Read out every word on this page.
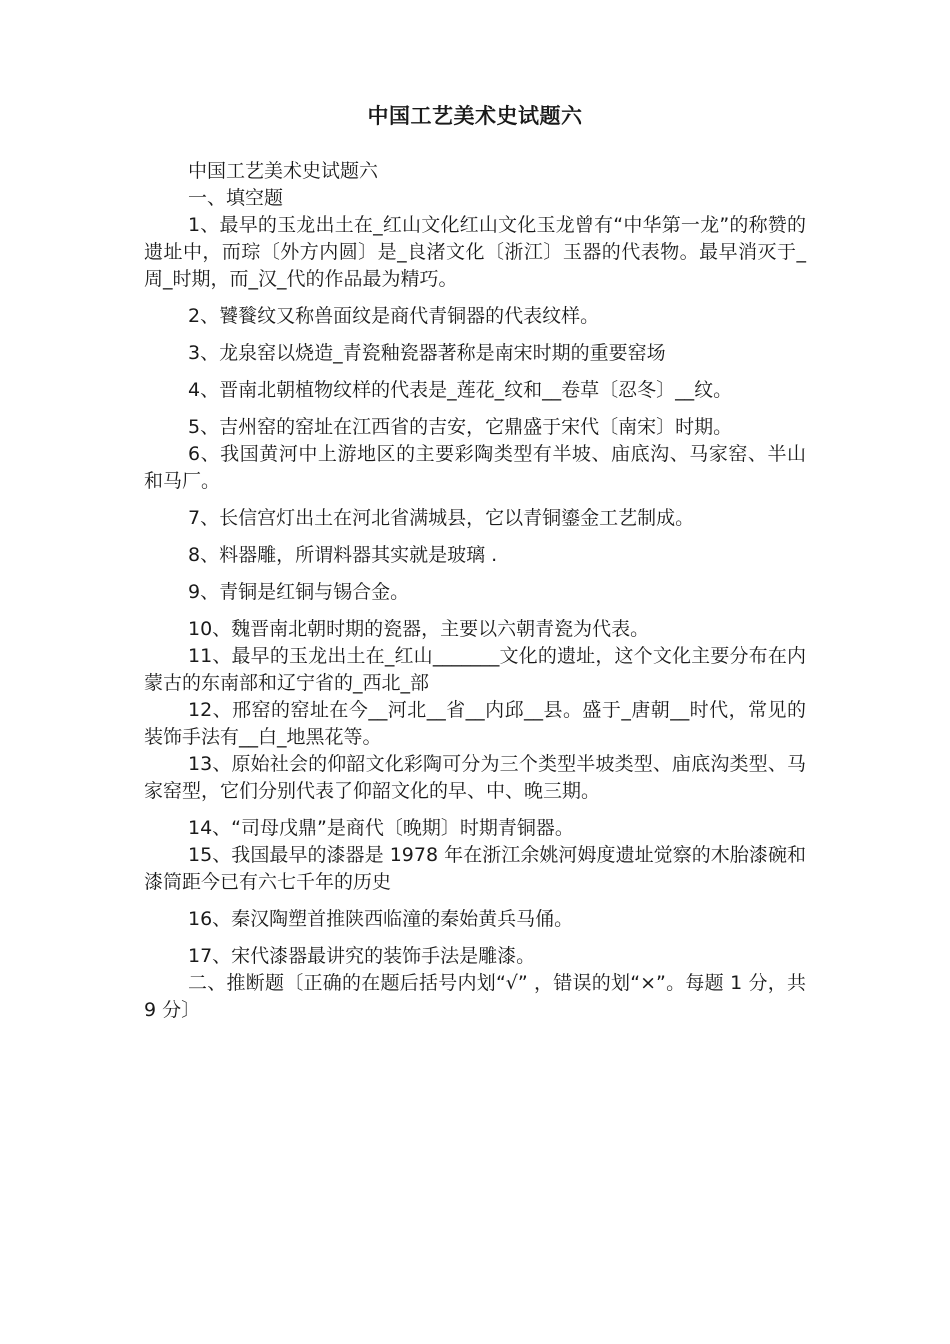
中国工艺美术史试题六

中国工艺美术史试题六

一、填空题

1、最早的玉龙出土在_红山文化红山文化玉龙曾有“中华第一龙”的称赞的遗址中，而琮〔外方内圆〕是_良渚文化〔浙江〕玉器的代表物。最早消灭于_周_时期，而_汉_代的作品最为精巧。

2、饕餮纹又称兽面纹是商代青铜器的代表纹样。

3、龙泉窑以烧造_青瓷釉瓷器著称是南宋时期的重要窑场

4、晋南北朝植物纹样的代表是_莲花_纹和__卷草〔忍冬〕__纹。

5、吉州窑的窑址在江西省的吉安，它鼎盛于宋代〔南宋〕时期。

6、我国黄河中上游地区的主要彩陶类型有半坡、庙底沟、马家窑、半山和马厂。

7、长信宫灯出土在河北省满城县，它以青铜鎏金工艺制成。

8、料器雕，所谓料器其实就是玻璃 .

9、青铜是红铜与锡合金。

10、魏晋南北朝时期的瓷器，主要以六朝青瓷为代表。

11、最早的玉龙出土在_红山_______文化的遗址，这个文化主要分布在内蒙古的东南部和辽宁省的_西北_部

12、邢窑的窑址在今__河北__省__内邱__县。盛于_唐朝__时代，常见的装饰手法有__白_地黑花等。

13、原始社会的仰韶文化彩陶可分为三个类型半坡类型、庙底沟类型、马家窑型，它们分别代表了仰韶文化的早、中、晚三期。

14、“司母戊鼎”是商代〔晚期〕时期青铜器。

15、我国最早的漆器是 1978 年在浙江余姚河姆度遗址觉察的木胎漆碗和漆筒距今已有六七千年的历史

16、秦汉陶塑首推陕西临潼的秦始黄兵马俑。

17、宋代漆器最讲究的装饰手法是雕漆。

二、推断题〔正确的在题后括号内划“√” ，错误的划“×”。每题 1 分，共 9 分〕
